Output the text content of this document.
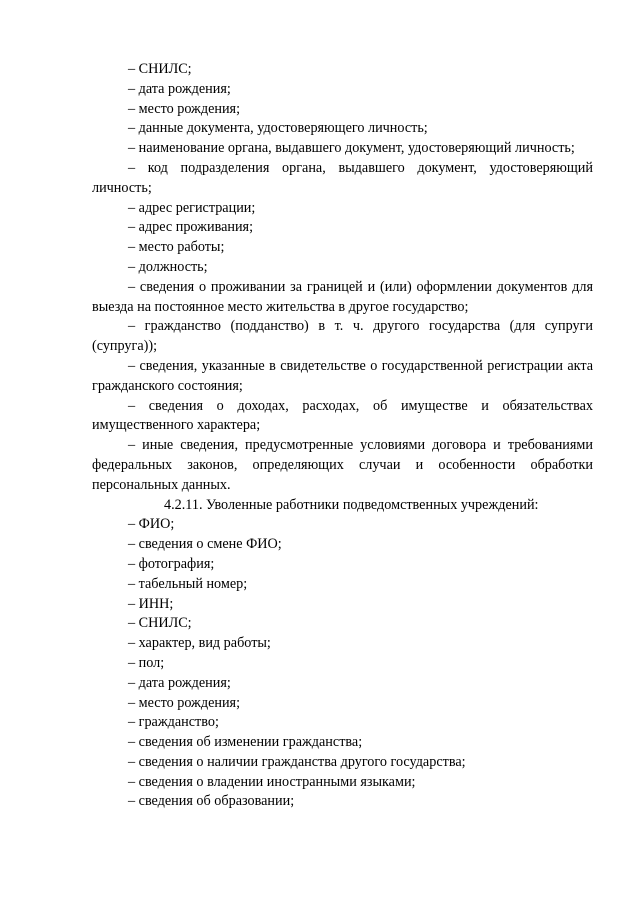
– СНИЛС;

– дата рождения;

– место рождения;

– данные документа, удостоверяющего личность;

– наименование органа, выдавшего документ, удостоверяющий личность;

– код подразделения органа, выдавшего документ, удостоверяющий личность;

– адрес регистрации;

– адрес проживания;

– место работы;

– должность;

– сведения о проживании за границей и (или) оформлении документов для выезда на постоянное место жительства в другое государство;

– гражданство (подданство) в т. ч. другого государства (для супруги (супруга));

– сведения, указанные в свидетельстве о государственной регистрации акта гражданского состояния;

– сведения о доходах, расходах, об имуществе и обязательствах имущественного характера;

– иные сведения, предусмотренные условиями договора и требованиями федеральных законов, определяющих случаи и особенности обработки персональных данных.

4.2.11. Уволенные работники подведомственных учреждений:

– ФИО;

– сведения о смене ФИО;

– фотография;

– табельный номер;

– ИНН;

– СНИЛС;

– характер, вид работы;

– пол;

– дата рождения;

– место рождения;

– гражданство;

– сведения об изменении гражданства;

– сведения о наличии гражданства другого государства;

– сведения о владении иностранными языками;

– сведения об образовании;
